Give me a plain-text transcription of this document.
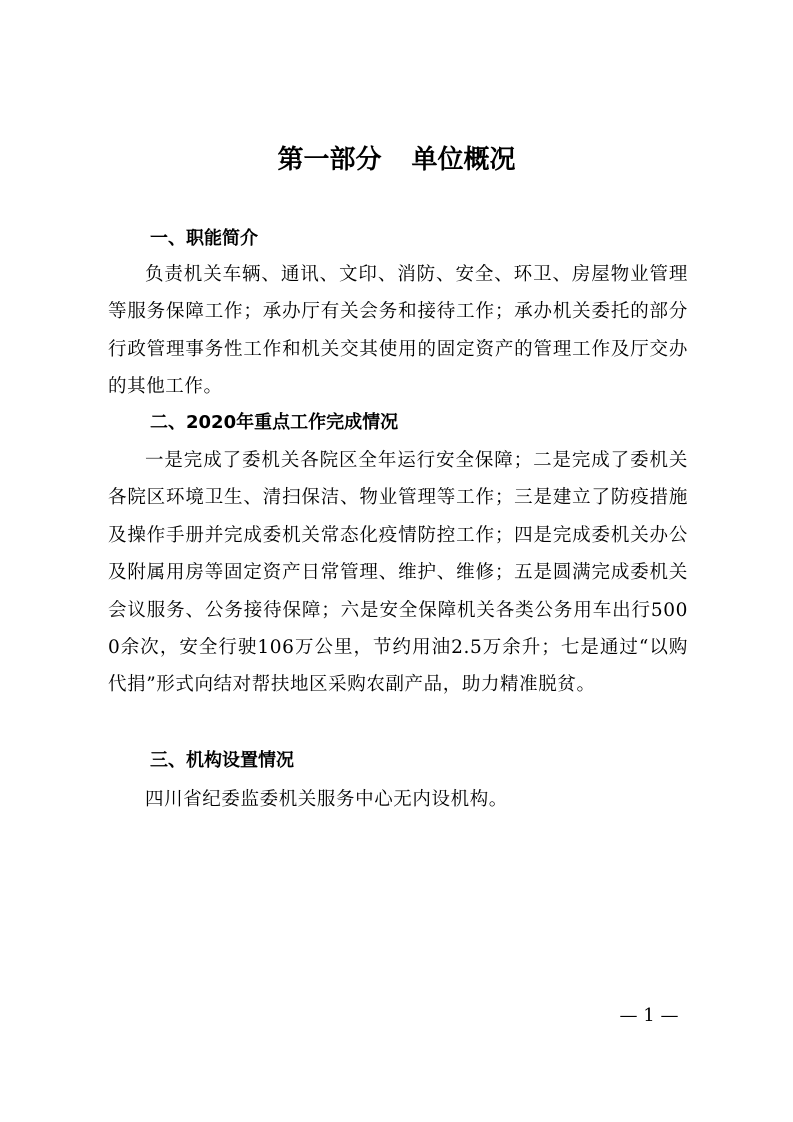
第一部分 单位概况
一、职能简介

负责机关车辆、通讯、文印、消防、安全、环卫、房屋物业管理等服务保障工作；承办厅有关会务和接待工作；承办机关委托的部分行政管理事务性工作和机关交其使用的固定资产的管理工作及厅交办的其他工作。

二、2020年重点工作完成情况

一是完成了委机关各院区全年运行安全保障；二是完成了委机关各院区环境卫生、清扫保洁、物业管理等工作；三是建立了防疫措施及操作手册并完成委机关常态化疫情防控工作；四是完成委机关办公及附属用房等固定资产日常管理、维护、维修；五是圆满完成委机关会议服务、公务接待保障；六是安全保障机关各类公务用车出行5000余次，安全行驶106万公里，节约用油2.5万余升；七是通过“以购代捐”形式向结对帮扶地区采购农副产品，助力精准脱贫。

三、机构设置情况

四川省纪委监委机关服务中心无内设机构。

— 1 —
